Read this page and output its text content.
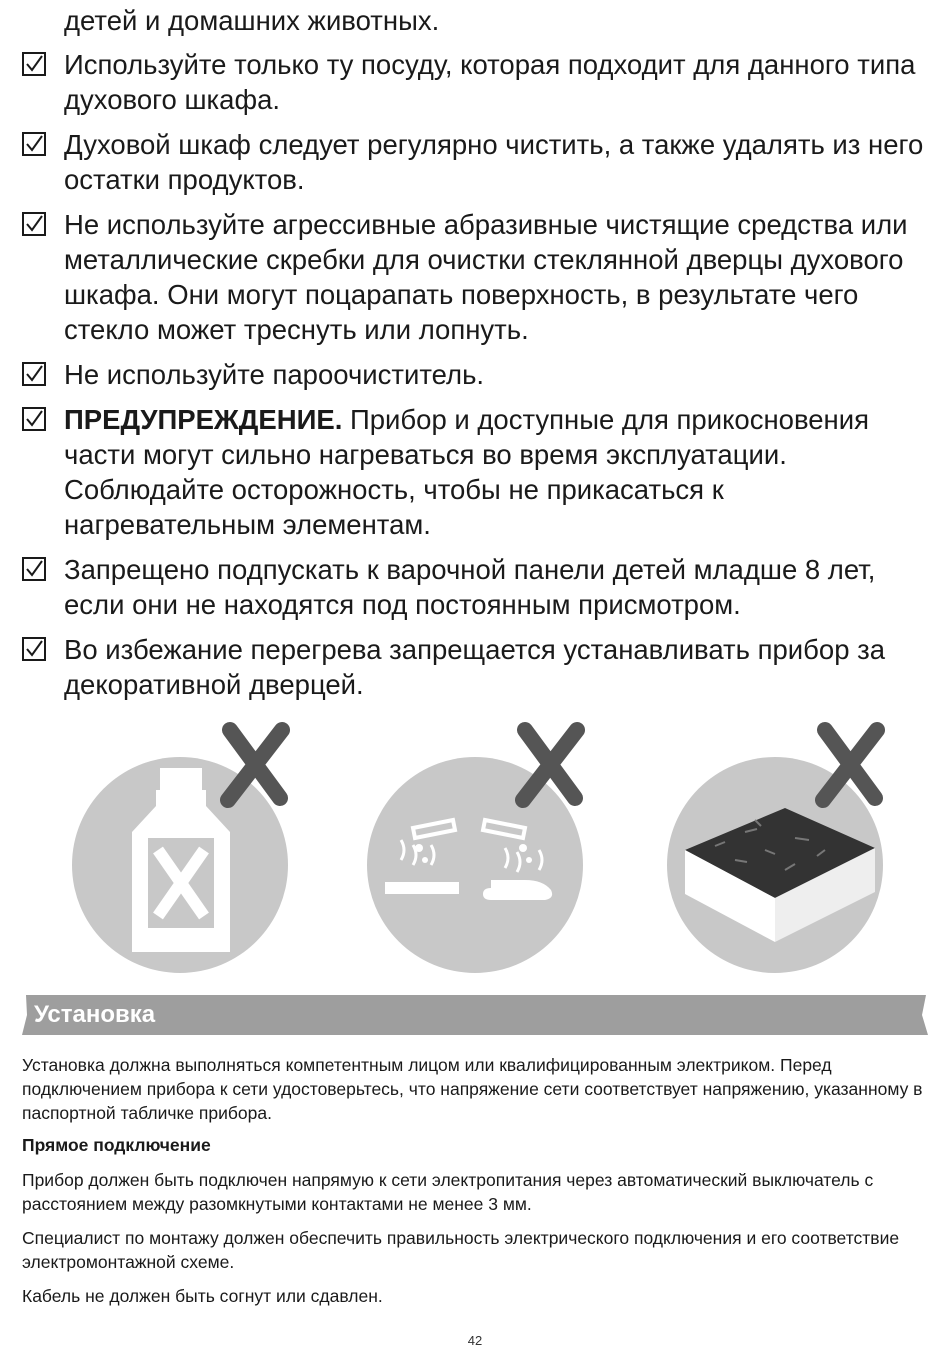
детей и домашних животных.

Используйте только ту посуду, которая подходит для данного типа духового шкафа.
Духовой шкаф следует регулярно чистить, а также удалять из него остатки продуктов.
Не используйте агрессивные абразивные чистящие средства или металлические скребки для очистки стеклянной дверцы духового шкафа. Они могут поцарапать поверхность, в результате чего стекло может треснуть или лопнуть.
Не используйте пароочиститель.
ПРЕДУПРЕЖДЕНИЕ. Прибор и доступные для прикосновения части могут сильно нагреваться во время эксплуатации. Соблюдайте осторожность, чтобы не прикасаться к нагревательным элементам.
Запрещено подпускать к варочной панели детей младше 8 лет, если они не находятся под постоянным присмотром.
Во избежание перегрева запрещается устанавливать прибор за декоративной дверцей.
Установка

Установка должна выполняться компетентным лицом или квалифицированным электриком. Перед подключением прибора к сети удостоверьтесь, что напряжение сети соответствует напряжению, указанному в паспортной табличке прибора.

Прямое подключение

Прибор должен быть подключен напрямую к сети электропитания через автоматический выключатель с расстоянием между разомкнутыми контактами не менее 3 мм.

Специалист по монтажу должен обеспечить правильность электрического подключения и его соответствие электромонтажной схеме.

Кабель не должен быть согнут или сдавлен.

42
